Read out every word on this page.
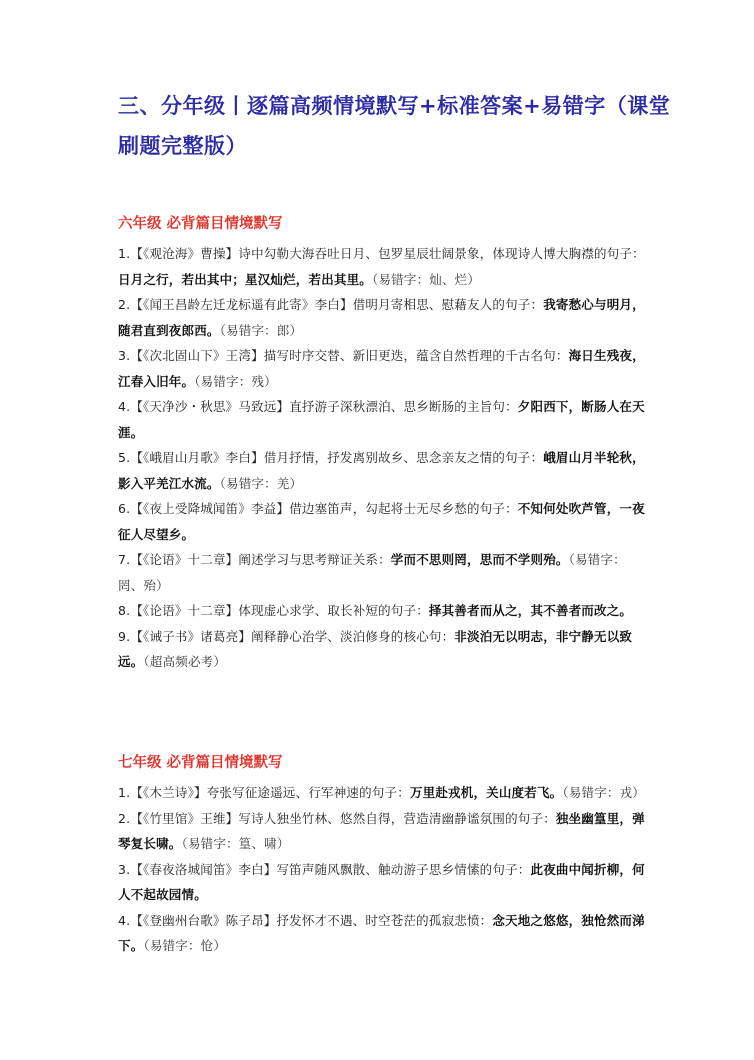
三、分年级丨逐篇高频情境默写+标准答案+易错字（课堂刷题完整版）
六年级 必背篇目情境默写

1.【《观沧海》曹操】诗中勾勒大海吞吐日月、包罗星辰壮阔景象，体现诗人博大胸襟的句子：日月之行，若出其中；星汉灿烂，若出其里。（易错字：灿、烂）

2.【《闻王昌龄左迁龙标遥有此寄》李白】借明月寄相思、慰藉友人的句子：我寄愁心与明月，随君直到夜郎西。（易错字：郎）

3.【《次北固山下》王湾】描写时序交替、新旧更迭，蕴含自然哲理的千古名句：海日生残夜，江春入旧年。（易错字：残）

4.【《天净沙・秋思》马致远】直抒游子深秋漂泊、思乡断肠的主旨句：夕阳西下，断肠人在天涯。

5.【《峨眉山月歌》李白】借月抒情，抒发离别故乡、思念亲友之情的句子：峨眉山月半轮秋，影入平羌江水流。（易错字：羌）

6.【《夜上受降城闻笛》李益】借边塞笛声，勾起将士无尽乡愁的句子：不知何处吹芦管，一夜征人尽望乡。

7.【《论语》十二章】阐述学习与思考辩证关系：学而不思则罔，思而不学则殆。（易错字：罔、殆）

8.【《论语》十二章】体现虚心求学、取长补短的句子：择其善者而从之，其不善者而改之。

9.【《诫子书》诸葛亮】阐释静心治学、淡泊修身的核心句：非淡泊无以明志，非宁静无以致远。（超高频必考）

七年级 必背篇目情境默写

1.【《木兰诗》】夸张写征途遥远、行军神速的句子：万里赴戎机，关山度若飞。（易错字：戎）

2.【《竹里馆》王维】写诗人独坐竹林、悠然自得，营造清幽静谧氛围的句子：独坐幽篁里，弹琴复长啸。（易错字：篁、啸）

3.【《春夜洛城闻笛》李白】写笛声随风飘散、触动游子思乡情愫的句子：此夜曲中闻折柳，何人不起故园情。

4.【《登幽州台歌》陈子昂】抒发怀才不遇、时空苍茫的孤寂悲愤：念天地之悠悠，独怆然而涕下。（易错字：怆）
